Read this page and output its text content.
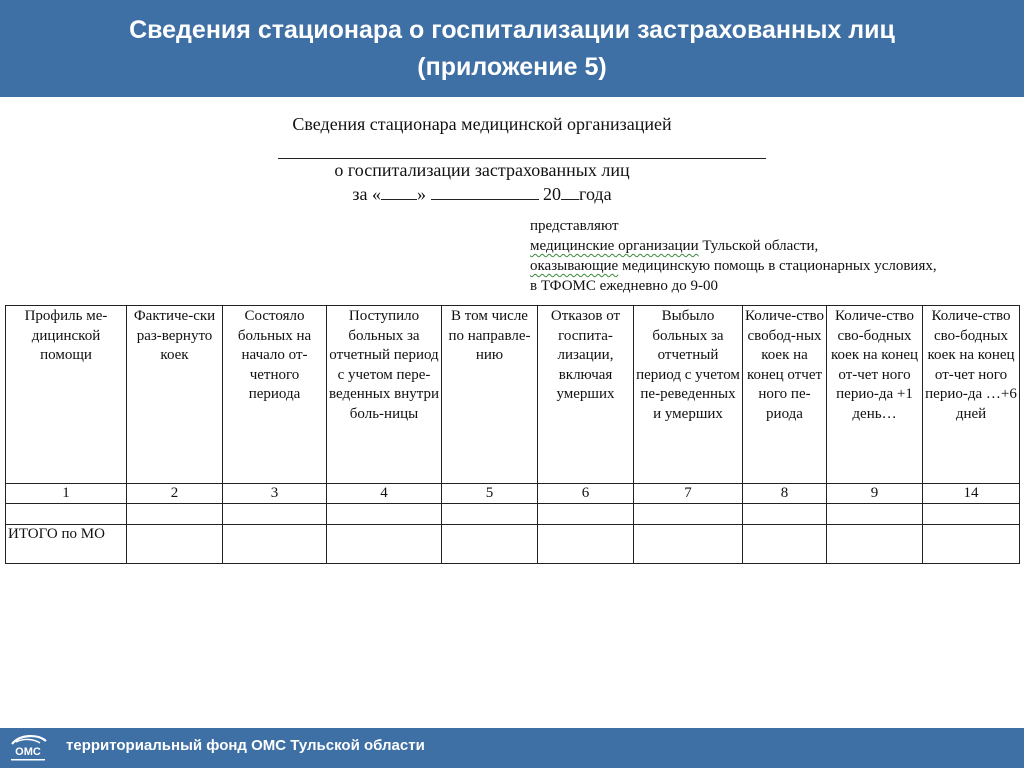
Сведения стационара о госпитализации застрахованных лиц
(приложение 5)
Сведения стационара медицинской организацией
о госпитализации застрахованных лиц
за « »	20 года
представляют
медицинские организации Тульской области,
оказывающие медицинскую помощь в стационарных условиях,
в ТФОМС ежедневно до 9-00
Профиль ме-дицинской помощи	Фактиче-ски раз-вернуто коек	Состояло больных на начало от-четного периода	Поступило больных за отчетный период с учетом пере-веденных внутри боль-ницы	В том числе по направле-нию	Отказов от госпита-лизации, включая умерших	Выбыло больных за отчетный период с учетом пе-реведенных и умерших	Количе-ство свобод-ных коек на конец отчет ного пе-риода	Количе-ство сво-бодных коек на конец от-чет ного перио-да +1 день…	Количе-ство сво-бодных коек на конец от-чет ного перио-да …+6 дней
1	2	3	4	5	6	7	8	9	14

ИТОГО по МО									
ОМС территориальный фонд ОМС Тульской области
